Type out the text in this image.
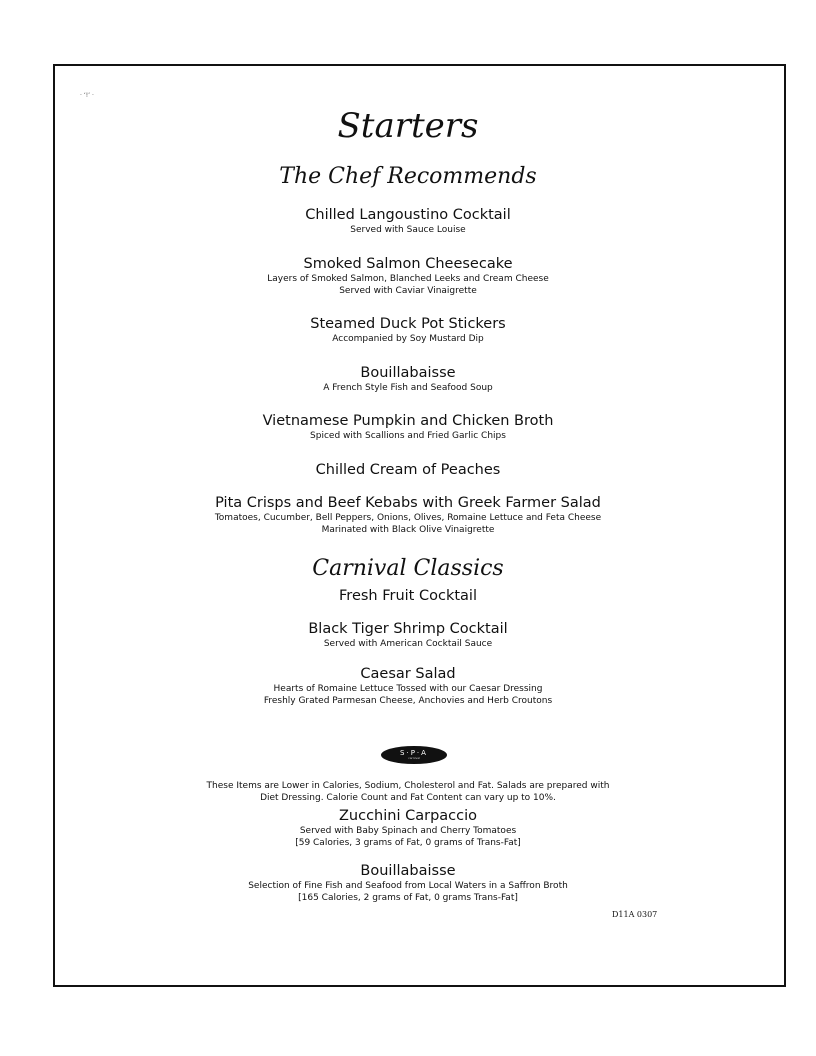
· ‘!’ ·
Starters
The Chef Recommends
Chilled Langoustino Cocktail
Served with Sauce Louise
Smoked Salmon Cheesecake
Layers of Smoked Salmon, Blanched Leeks and Cream Cheese
Served with Caviar Vinaigrette
Steamed Duck Pot Stickers
Accompanied by Soy Mustard Dip
Bouillabaisse
A French Style Fish and Seafood Soup
Vietnamese Pumpkin and Chicken Broth
Spiced with Scallions and Fried Garlic Chips
Chilled Cream of Peaches
Pita Crisps and Beef Kebabs with Greek Farmer Salad
Tomatoes, Cucumber, Bell Peppers, Onions, Olives, Romaine Lettuce and Feta Cheese
Marinated with Black Olive Vinaigrette
Carnival Classics
Fresh Fruit Cocktail
Black Tiger Shrimp Cocktail
Served with American Cocktail Sauce
Caesar Salad
Hearts of Romaine Lettuce Tossed with our Caesar Dressing
Freshly Grated Parmesan Cheese, Anchovies and Herb Croutons
S·P·A
carnival
These Items are Lower in Calories, Sodium, Cholesterol and Fat. Salads are prepared with
Diet Dressing. Calorie Count and Fat Content can vary up to 10%.
Zucchini Carpaccio
Served with Baby Spinach and Cherry Tomatoes
[59 Calories, 3 grams of Fat, 0 grams of Trans-Fat]
Bouillabaisse
Selection of Fine Fish and Seafood from Local Waters in a Saffron Broth
[165 Calories, 2 grams of Fat, 0 grams Trans-Fat]
D11A 0307
